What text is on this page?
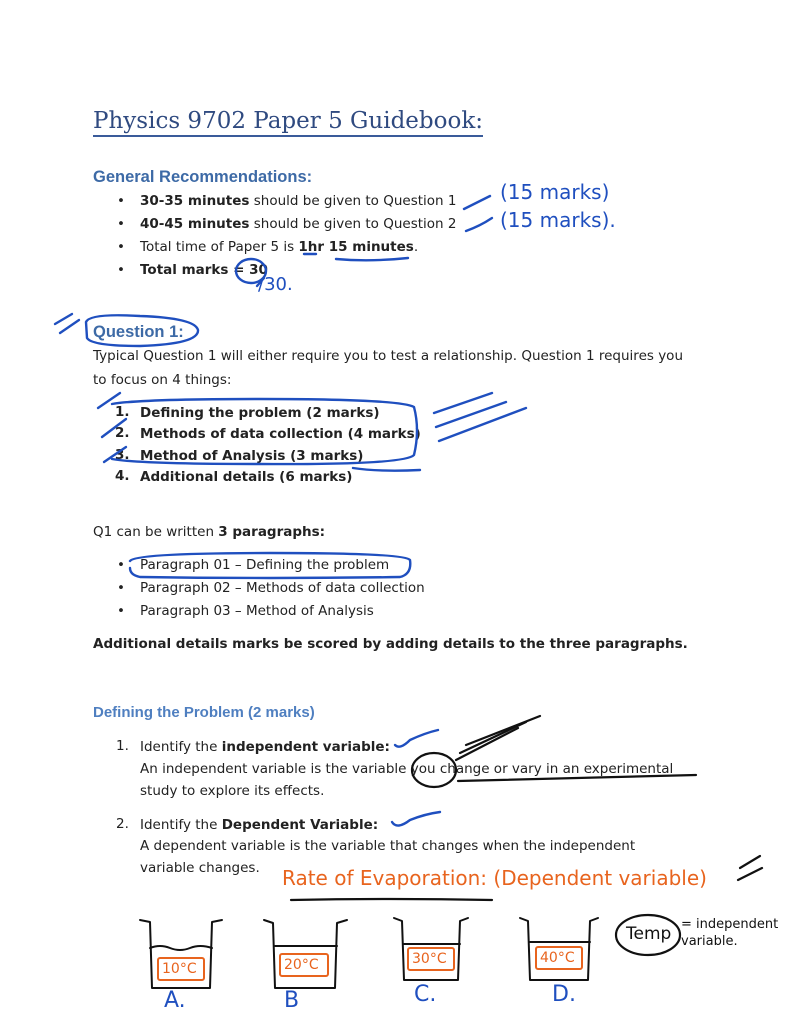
Physics 9702 Paper 5 Guidebook:
General Recommendations:
• 30-35 minutes should be given to Question 1
• 40-45 minutes should be given to Question 2
• Total time of Paper 5 is 1hr 15 minutes.
• Total marks = 30
Question 1:
Typical Question 1 will either require you to test a relationship. Question 1 requires you
to focus on 4 things:
1. Defining the problem (2 marks)
2. Methods of data collection (4 marks)
3. Method of Analysis (3 marks)
4. Additional details (6 marks)
Q1 can be written 3 paragraphs:
• Paragraph 01 – Defining the problem
• Paragraph 02 – Methods of data collection
• Paragraph 03 – Method of Analysis
Additional details marks be scored by adding details to the three paragraphs.
Defining the Problem (2 marks)
1. Identify the independent variable:
An independent variable is the variable you change or vary in an experimental
study to explore its effects.
2. Identify the Dependent Variable:
A dependent variable is the variable that changes when the independent
variable changes.
(15 marks)
(15 marks).
/30.
Rate of Evaporation: (Dependent variable)
Temp = independent variable.
10°C	20°C	30°C	40°C
A.	B	C.	D.
